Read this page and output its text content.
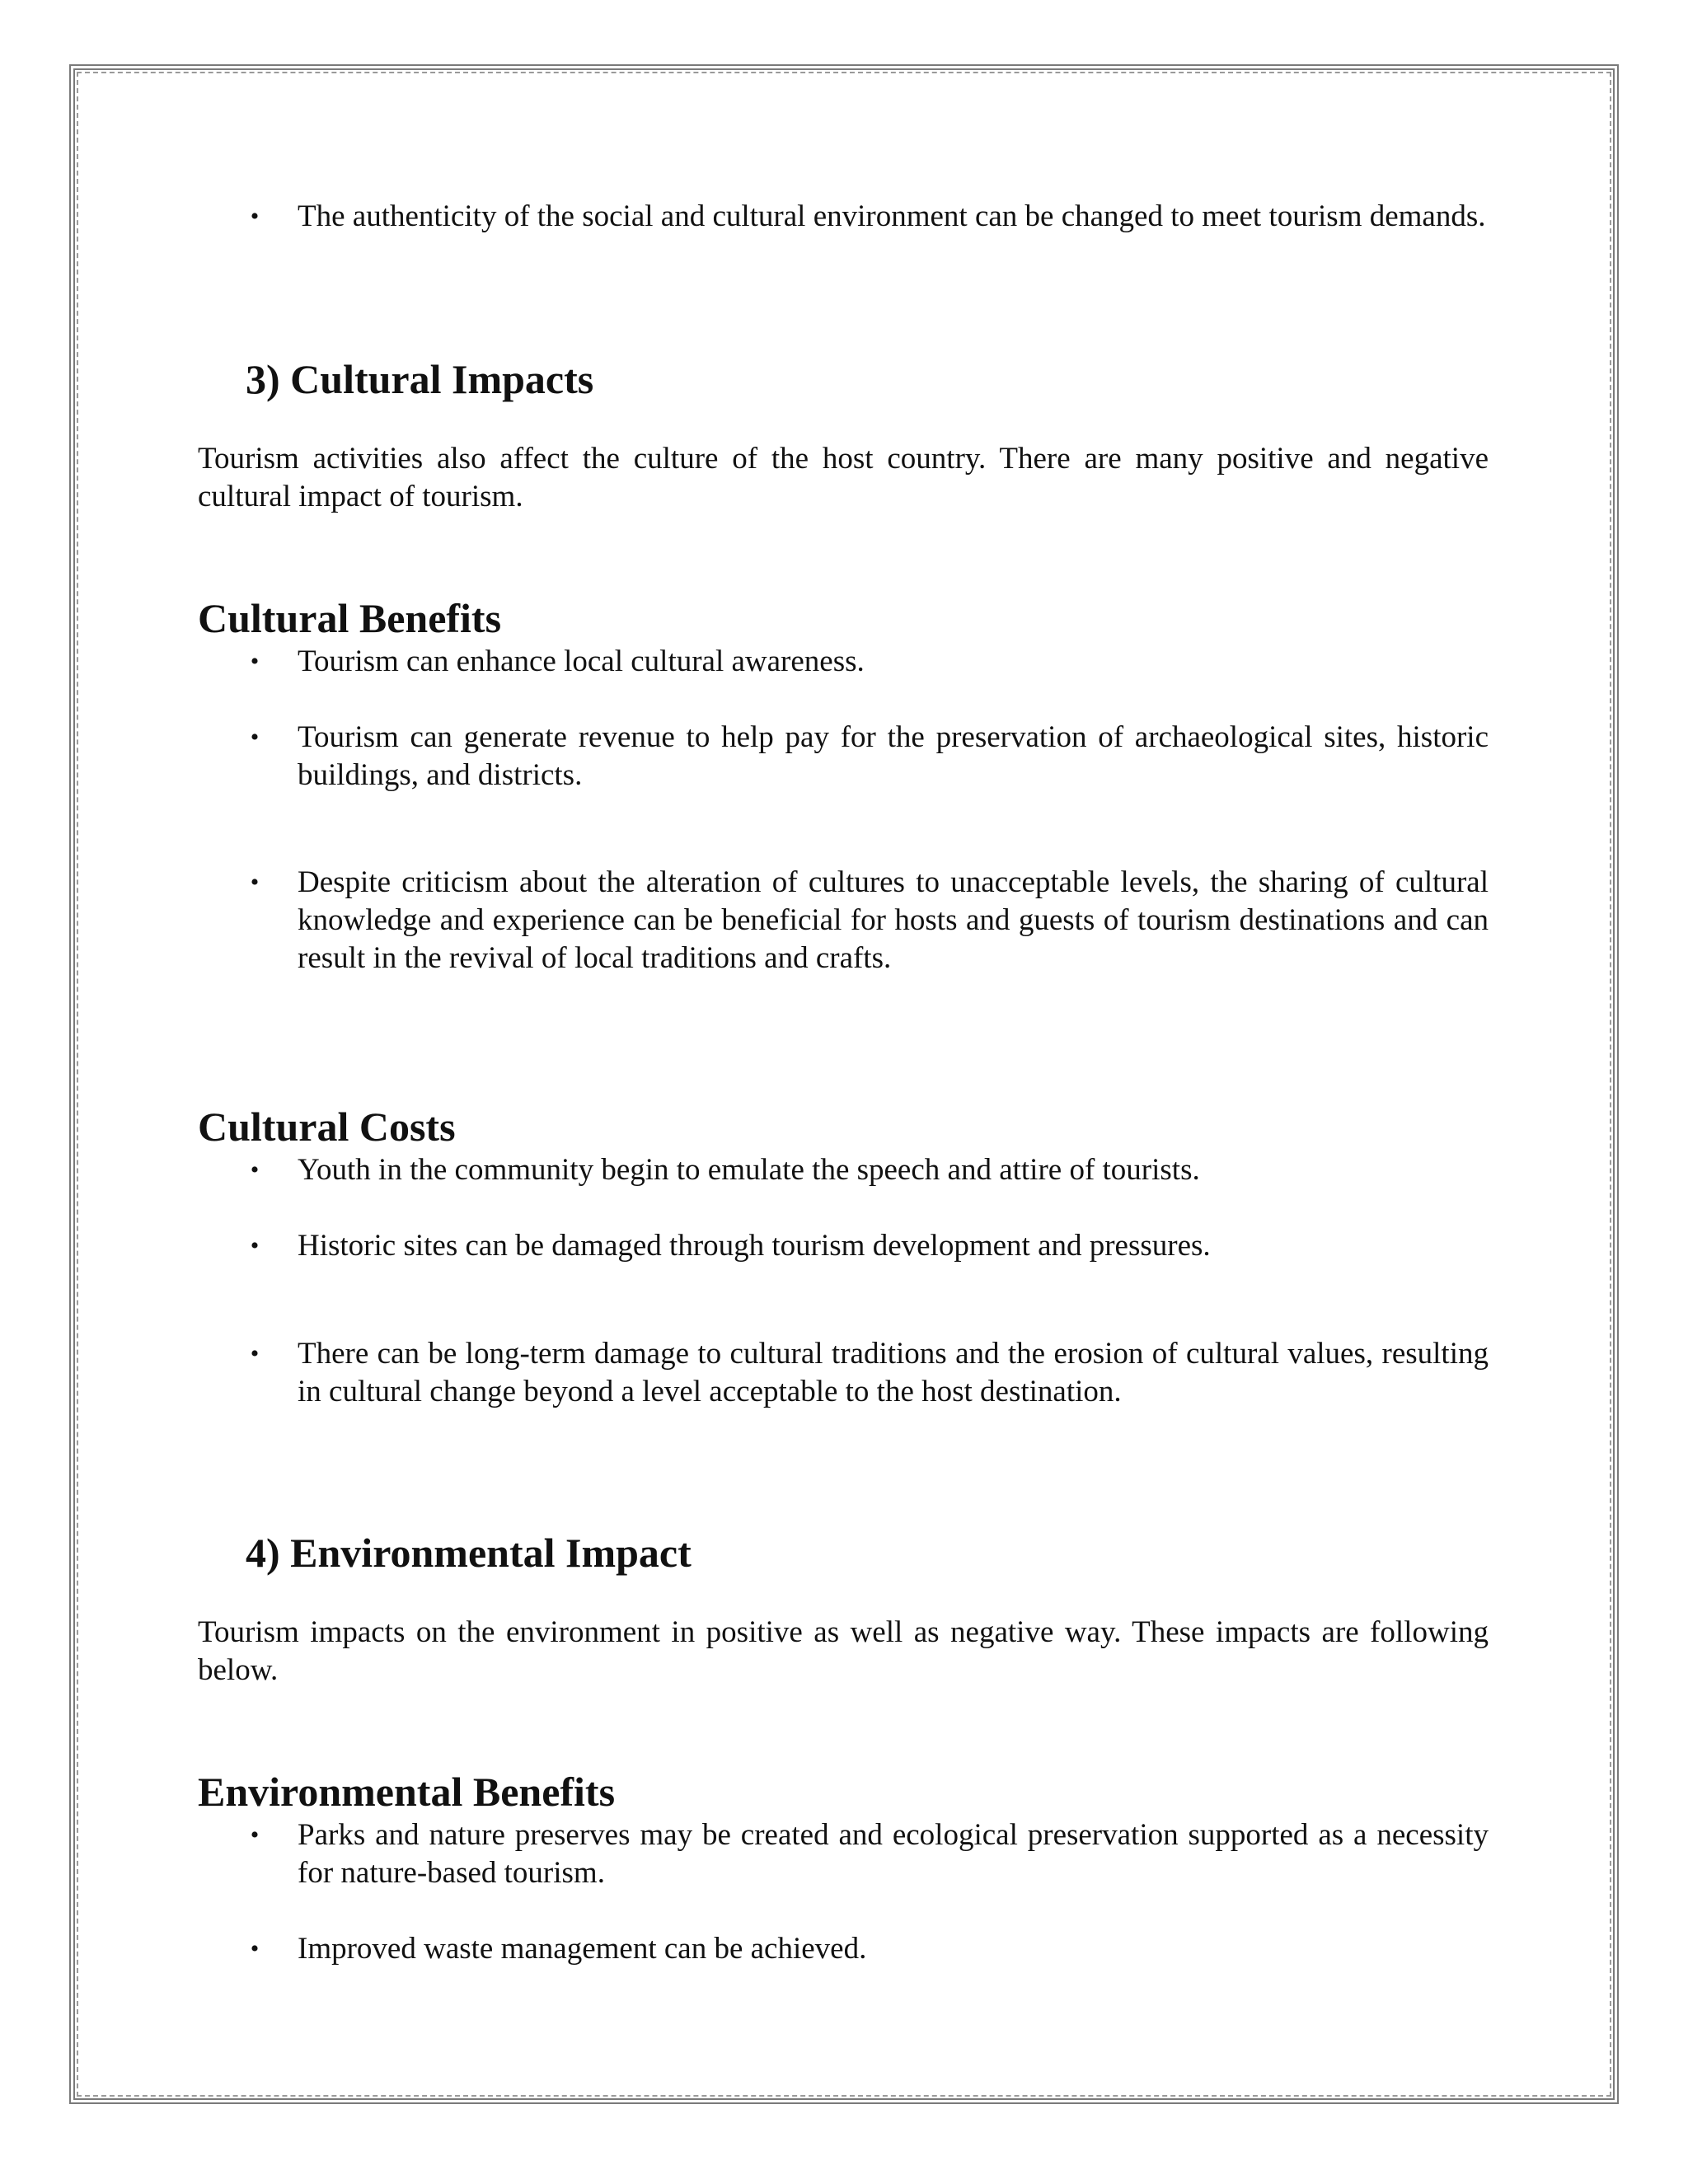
• The authenticity of the social and cultural environment can be changed to meet tourism demands.
3) Cultural Impacts

Tourism activities also affect the culture of the host country. There are many positive and negative cultural impact of tourism.

Cultural Benefits
• Tourism can enhance local cultural awareness.
• Tourism can generate revenue to help pay for the preservation of archaeological sites, historic buildings, and districts.
• Despite criticism about the alteration of cultures to unacceptable levels, the sharing of cultural knowledge and experience can be beneficial for hosts and guests of tourism destinations and can result in the revival of local traditions and crafts.
Cultural Costs
• Youth in the community begin to emulate the speech and attire of tourists.
• Historic sites can be damaged through tourism development and pressures.
• There can be long-term damage to cultural traditions and the erosion of cultural values, resulting in cultural change beyond a level acceptable to the host destination.
4) Environmental Impact

Tourism impacts on the environment in positive as well as negative way. These impacts are following below.

Environmental Benefits
• Parks and nature preserves may be created and ecological preservation supported as a necessity for nature-based tourism.
• Improved waste management can be achieved.
